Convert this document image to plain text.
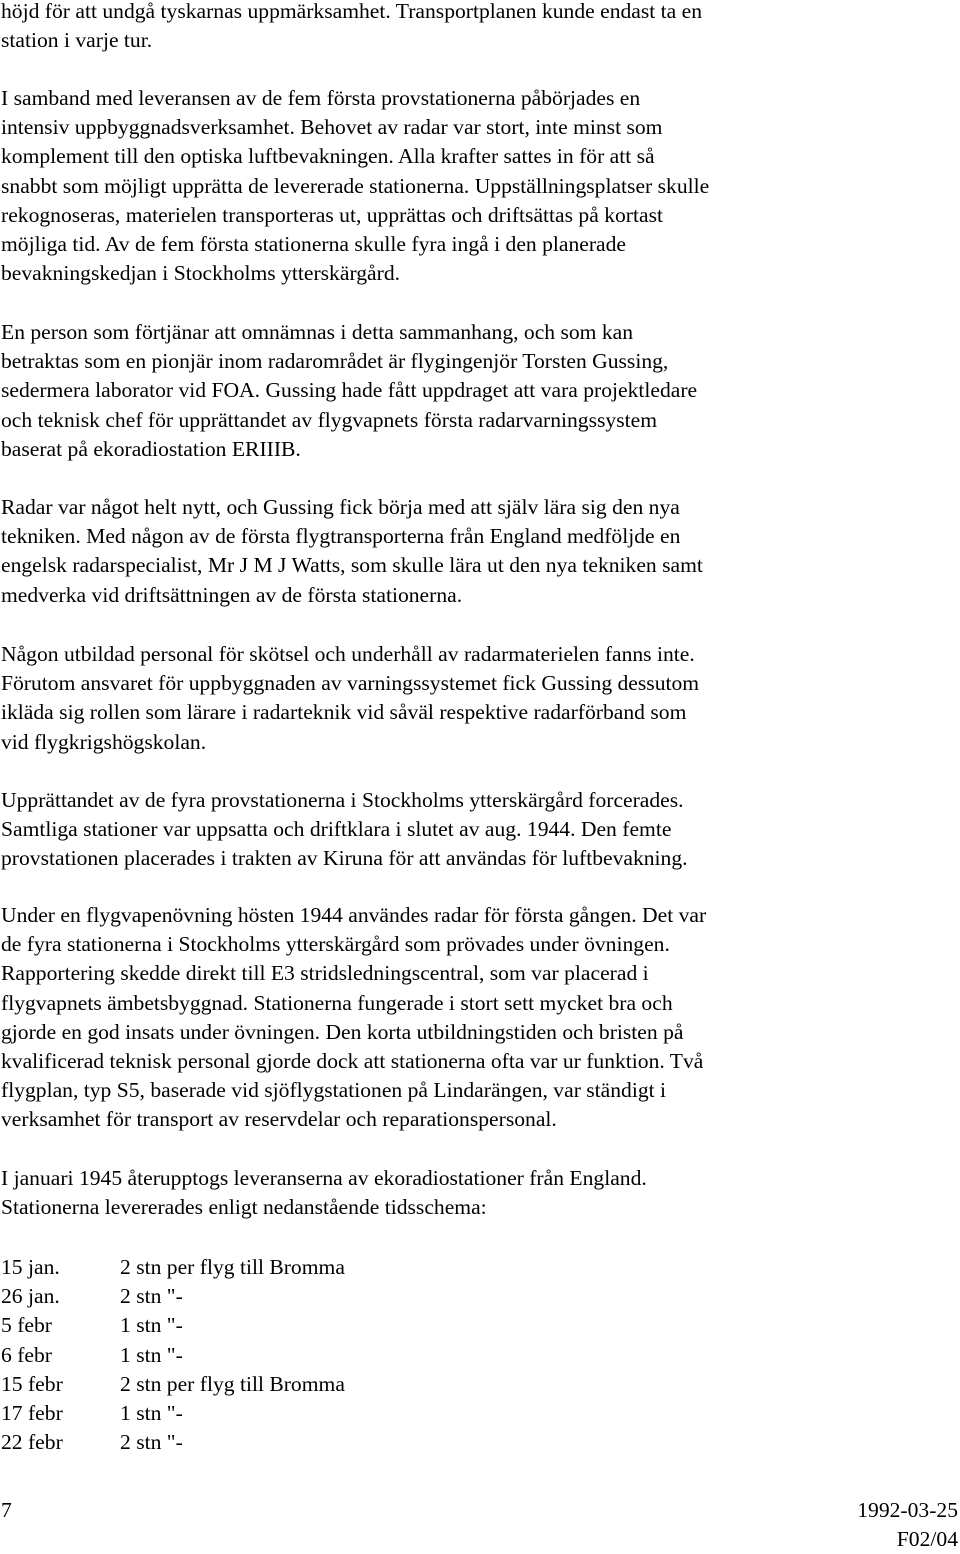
höjd för att undgå tyskarnas uppmärksamhet. Transportplanen kunde endast ta en
station i varje tur.

I samband med leveransen av de fem första provstationerna påbörjades en
intensiv uppbyggnadsverksamhet. Behovet av radar var stort, inte minst som
komplement till den optiska luftbevakningen. Alla krafter sattes in för att så
snabbt som möjligt upprätta de levererade stationerna. Uppställningsplatser skulle
rekognoseras, materielen transporteras ut, upprättas och driftsättas på kortast
möjliga tid. Av de fem första stationerna skulle fyra ingå i den planerade
bevakningskedjan i Stockholms ytterskärgård.

En person som förtjänar att omnämnas i detta sammanhang, och som kan
betraktas som en pionjär inom radarområdet är flygingenjör Torsten Gussing,
sedermera laborator vid FOA. Gussing hade fått uppdraget att vara projektledare
och teknisk chef för upprättandet av flygvapnets första radarvarningssystem
baserat på ekoradiostation ERIIIB.

Radar var något helt nytt, och Gussing fick börja med att själv lära sig den nya
tekniken. Med någon av de första flygtransporterna från England medföljde en
engelsk radarspecialist, Mr J M J Watts, som skulle lära ut den nya tekniken samt
medverka vid driftsättningen av de första stationerna.

Någon utbildad personal för skötsel och underhåll av radarmaterielen fanns inte.
Förutom ansvaret för uppbyggnaden av varningssystemet fick Gussing dessutom
ikläda sig rollen som lärare i radarteknik vid såväl respektive radarförband som
vid flygkrigshögskolan.

Upprättandet av de fyra provstationerna i Stockholms ytterskärgård forcerades.
Samtliga stationer var uppsatta och driftklara i slutet av aug. 1944. Den femte
provstationen placerades i trakten av Kiruna för att användas för luftbevakning.

Under en flygvapenövning hösten 1944 användes radar för första gången. Det var
de fyra stationerna i Stockholms ytterskärgård som prövades under övningen.
Rapportering skedde direkt till E3 stridsledningscentral, som var placerad i
flygvapnets ämbetsbyggnad. Stationerna fungerade i stort sett mycket bra och
gjorde en god insats under övningen. Den korta utbildningstiden och bristen på
kvalificerad teknisk personal gjorde dock att stationerna ofta var ur funktion. Två
flygplan, typ S5, baserade vid sjöflygstationen på Lindarängen, var ständigt i
verksamhet för transport av reservdelar och reparationspersonal.

I januari 1945 återupptogs leveranserna av ekoradiostationer från England.
Stationerna levererades enligt nedanstående tidsschema:

15 jan.	2 stn per flyg till Bromma
26 jan.	2 stn "-
5 febr	1 stn "-
6 febr	1 stn "-
15 febr	2 stn per flyg till Bromma
17 febr	1 stn "-
22 febr	2 stn "-
7	1992-03-25
F02/04
